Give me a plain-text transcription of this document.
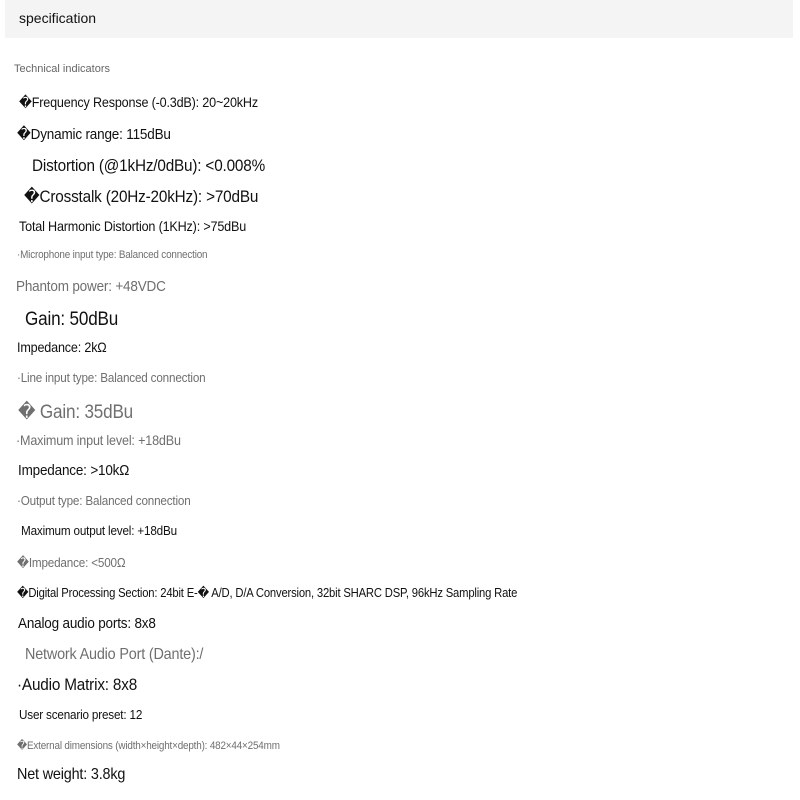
specification
Technical indicators
�Frequency Response (-0.3dB): 20~20kHz
�Dynamic range: 115dBu
Distortion (@1kHz/0dBu): <0.008%
�Crosstalk (20Hz-20kHz): >70dBu
Total Harmonic Distortion (1KHz): >75dBu
·Microphone input type: Balanced connection
Phantom power: +48VDC
Gain: 50dBu
Impedance: 2kΩ
·Line input type: Balanced connection
� Gain: 35dBu
·Maximum input level: +18dBu
Impedance: >10kΩ
·Output type: Balanced connection
Maximum output level: +18dBu
�Impedance: <500Ω
�Digital Processing Section: 24bit E-� A/D, D/A Conversion, 32bit SHARC DSP, 96kHz Sampling Rate
Analog audio ports: 8x8
Network Audio Port (Dante):/
·Audio Matrix: 8x8
User scenario preset: 12
�External dimensions (width×height×depth): 482×44×254mm
Net weight: 3.8kg
